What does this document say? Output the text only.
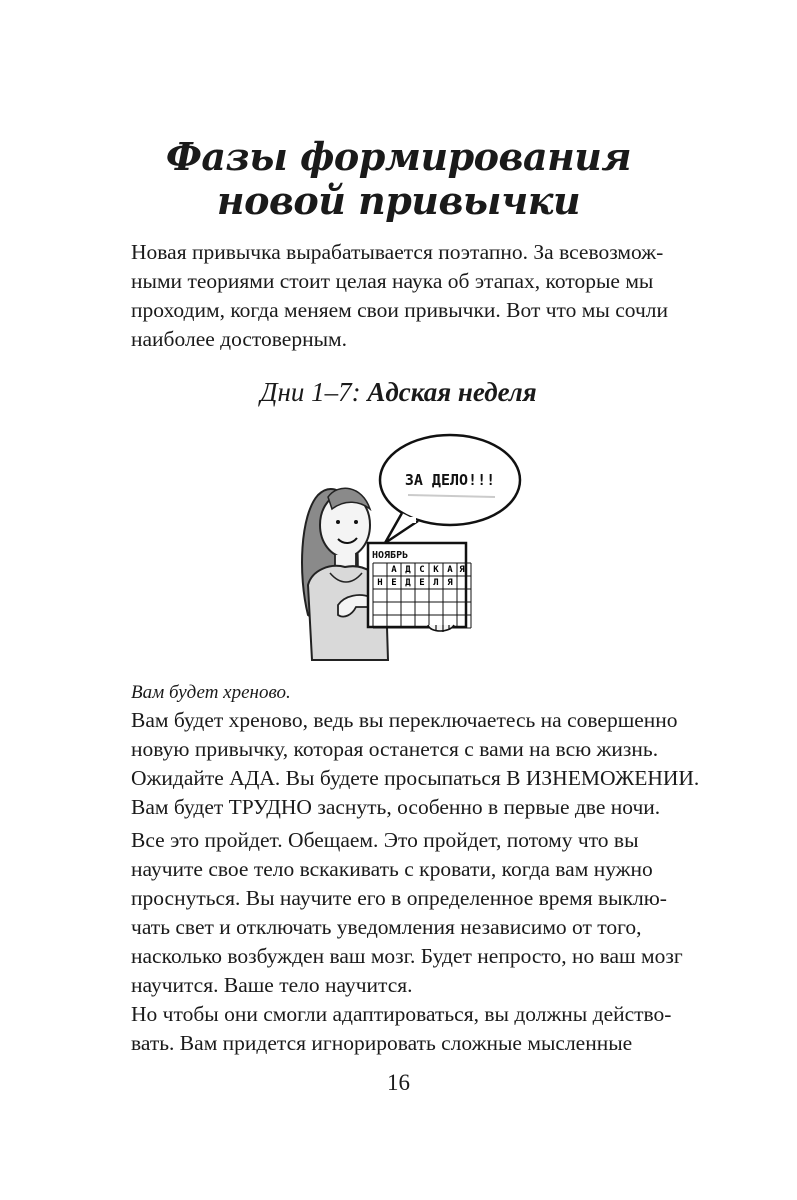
Фазы формирования
новой привычки
Новая привычка вырабатывается поэтапно. За всевозмож-
ными теориями стоит целая наука об этапах, которые мы
проходим, когда меняем свои привычки. Вот что мы сочли
наиболее достоверным.
Дни 1–7: Адская неделя
ЗА ДЕЛО!!!
НОЯБРЬ
А Д С К А Я
Н Е Д Е Л Я
Вам будет хреново.
Вам будет хреново, ведь вы переключаетесь на совершенно
новую привычку, которая останется с вами на всю жизнь.
Ожидайте АДА. Вы будете просыпаться В ИЗНЕМОЖЕНИИ.
Вам будет ТРУДНО заснуть, особенно в первые две ночи.
Все это пройдет. Обещаем. Это пройдет, потому что вы
научите свое тело вскакивать с кровати, когда вам нужно
проснуться. Вы научите его в определенное время выклю-
чать свет и отключать уведомления независимо от того,
насколько возбужден ваш мозг. Будет непросто, но ваш мозг
научится. Ваше тело научится.
Но чтобы они смогли адаптироваться, вы должны действо-
вать. Вам придется игнорировать сложные мысленные
16
